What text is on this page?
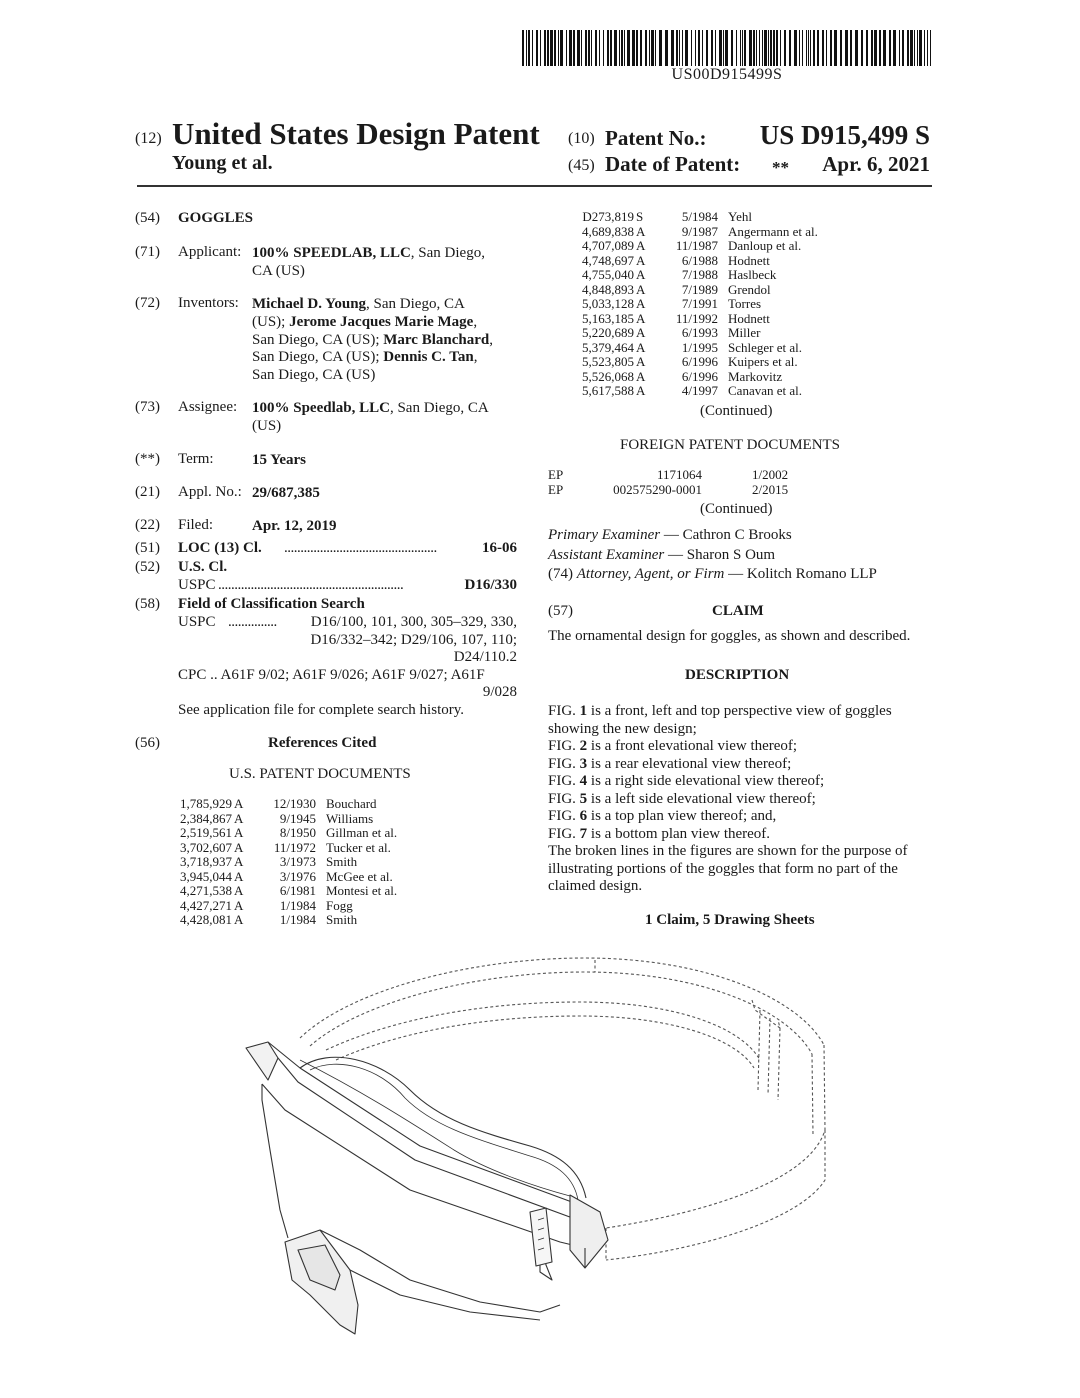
US00D915499S
(12) United States Design Patent
Young et al.
(10) Patent No.: US D915,499 S
(45) Date of Patent: ** Apr. 6, 2021
(54) GOGGLES
(71) Applicant: 100% SPEEDLAB, LLC, San Diego,
CA (US)
(72) Inventors: Michael D. Young, San Diego, CA
(US); Jerome Jacques Marie Mage,
San Diego, CA (US); Marc Blanchard,
San Diego, CA (US); Dennis C. Tan,
San Diego, CA (US)
(73) Assignee: 100% Speedlab, LLC, San Diego, CA
(US)
(**) Term:	15 Years
(21) Appl. No.: 29/687,385
(22) Filed:	Apr. 12, 2019
(51) LOC (13) Cl. ...............................................	16-06
(52) U.S. Cl.
USPC .........................................................	D16/330
(58) Field of Classification Search
USPC ............... D16/100, 101, 300, 305–329, 330,
D16/332–342; D29/106, 107, 110;
D24/110.2
CPC .. A61F 9/02; A61F 9/026; A61F 9/027; A61F
9/028
See application file for complete search history.
(56)	References Cited
U.S. PATENT DOCUMENTS
1,785,929 A 12/1930 Bouchard
2,384,867 A	9/1945 Williams
2,519,561 A	8/1950 Gillman et al.
3,702,607 A 11/1972 Tucker et al.
3,718,937 A	3/1973 Smith
3,945,044 A	3/1976 McGee et al.
4,271,538 A	6/1981 Montesi et al.
4,427,271 A	1/1984 Fogg
4,428,081 A	1/1984 Smith
D273,819 S	5/1984 Yehl
4,689,838 A	9/1987 Angermann et al.
4,707,089 A 11/1987 Danloup et al.
4,748,697 A	6/1988 Hodnett
4,755,040 A	7/1988 Haslbeck
4,848,893 A	7/1989 Grendol
5,033,128 A	7/1991 Torres
5,163,185 A 11/1992 Hodnett
5,220,689 A	6/1993 Miller
5,379,464 A	1/1995 Schleger et al.
5,523,805 A	6/1996 Kuipers et al.
5,526,068 A	6/1996 Markovitz
5,617,588 A	4/1997 Canavan et al.
(Continued)
FOREIGN PATENT DOCUMENTS
EP	1171064	1/2002
EP	002575290-0001	2/2015
(Continued)
Primary Examiner — Cathron C Brooks
Assistant Examiner — Sharon S Oum
(74) Attorney, Agent, or Firm — Kolitch Romano LLP
(57)	CLAIM
The ornamental design for goggles, as shown and described.
DESCRIPTION
FIG. 1 is a front, left and top perspective view of goggles
showing the new design;
FIG. 2 is a front elevational view thereof;
FIG. 3 is a rear elevational view thereof;
FIG. 4 is a right side elevational view thereof;
FIG. 5 is a left side elevational view thereof;
FIG. 6 is a top plan view thereof; and,
FIG. 7 is a bottom plan view thereof.
The broken lines in the figures are shown for the purpose of
illustrating portions of the goggles that form no part of the
claimed design.
1 Claim, 5 Drawing Sheets
